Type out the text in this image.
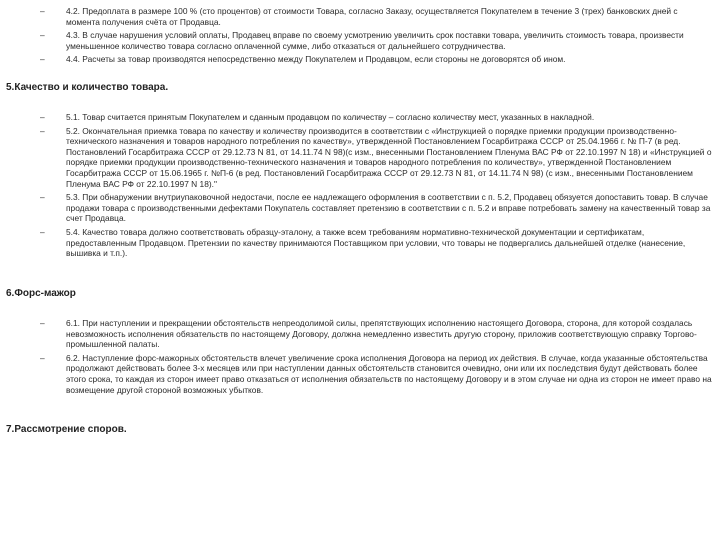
–	4.2. Предоплата в размере 100 % (сто процентов) от стоимости Товара, согласно Заказу, осуществляется Покупателем в течение 3 (трех) банковских дней с момента получения счёта от Продавца.
–	4.3. В случае нарушения условий оплаты, Продавец вправе по своему усмотрению увеличить срок поставки товара, увеличить стоимость товара, произвести уменьшенное количество товара согласно оплаченной сумме, либо отказаться от дальнейшего сотрудничества.
–	4.4. Расчеты за товар производятся непосредственно между Покупателем и Продавцом, если стороны не договорятся об ином.
5.Качество и количество товара.
–	5.1. Товар считается принятым Покупателем и сданным продавцом по количеству – согласно количеству мест, указанных в накладной.
–	5.2. Окончательная приемка товара по качеству и количеству производится в соответствии с «Инструкцией о порядке приемки продукции производственно-технического назначения и товаров народного потребления по качеству», утвержденной Постановлением Госарбитража СССР от 25.04.1966 г. № П-7 (в ред. Постановлений Госарбитража СССР от 29.12.73 N 81, от 14.11.74 N 98)(с изм., внесенными Постановлением Пленума ВАС РФ от 22.10.1997 N 18) и «Инструкцией о порядке приемки продукции производственно-технического назначения и товаров народного потребления по количеству», утвержденной Постановлением Госарбитража СССР от 15.06.1965 г. №П-6 (в ред. Постановлений Госарбитража СССР от 29.12.73 N 81, от 14.11.74 N 98) (с изм., внесенными Постановлением Пленума ВАС РФ от 22.10.1997 N 18)."
–	5.3. При обнаружении внутриупаковочной недостачи, после ее надлежащего оформления в соответствии с п. 5.2, Продавец обязуется допоставить товар. В случае продажи товара с производственными дефектами Покупатель составляет претензию в соответствии с п. 5.2 и вправе потребовать замену на качественный товар за счет Продавца.
–	5.4. Качество товара должно соответствовать образцу-эталону, а также всем требованиям нормативно-технической документации и сертификатам, предоставленным Продавцом. Претензии по качеству принимаются Поставщиком при условии, что товары не подвергались дальнейшей отделке (нанесение, вышивка и т.п.).
6.Форс-мажор
–	6.1. При наступлении и прекращении обстоятельств непреодолимой силы, препятствующих исполнению настоящего Договора, сторона, для которой создалась невозможность исполнения обязательств по настоящему Договору, должна немедленно известить другую сторону, приложив соответствующую справку Торгово-промышленной палаты.
–	6.2. Наступление форс-мажорных обстоятельств влечет увеличение срока исполнения Договора на период их действия. В случае, когда указанные обстоятельства продолжают действовать более 3-х месяцев или при наступлении данных обстоятельств становится очевидно, они или их последствия будут действовать более этого срока, то каждая из сторон имеет право отказаться от исполнения обязательств по настоящему Договору и в этом случае ни одна из сторон не имеет право на возмещение другой стороной возможных убытков.
7.Рассмотрение споров.
